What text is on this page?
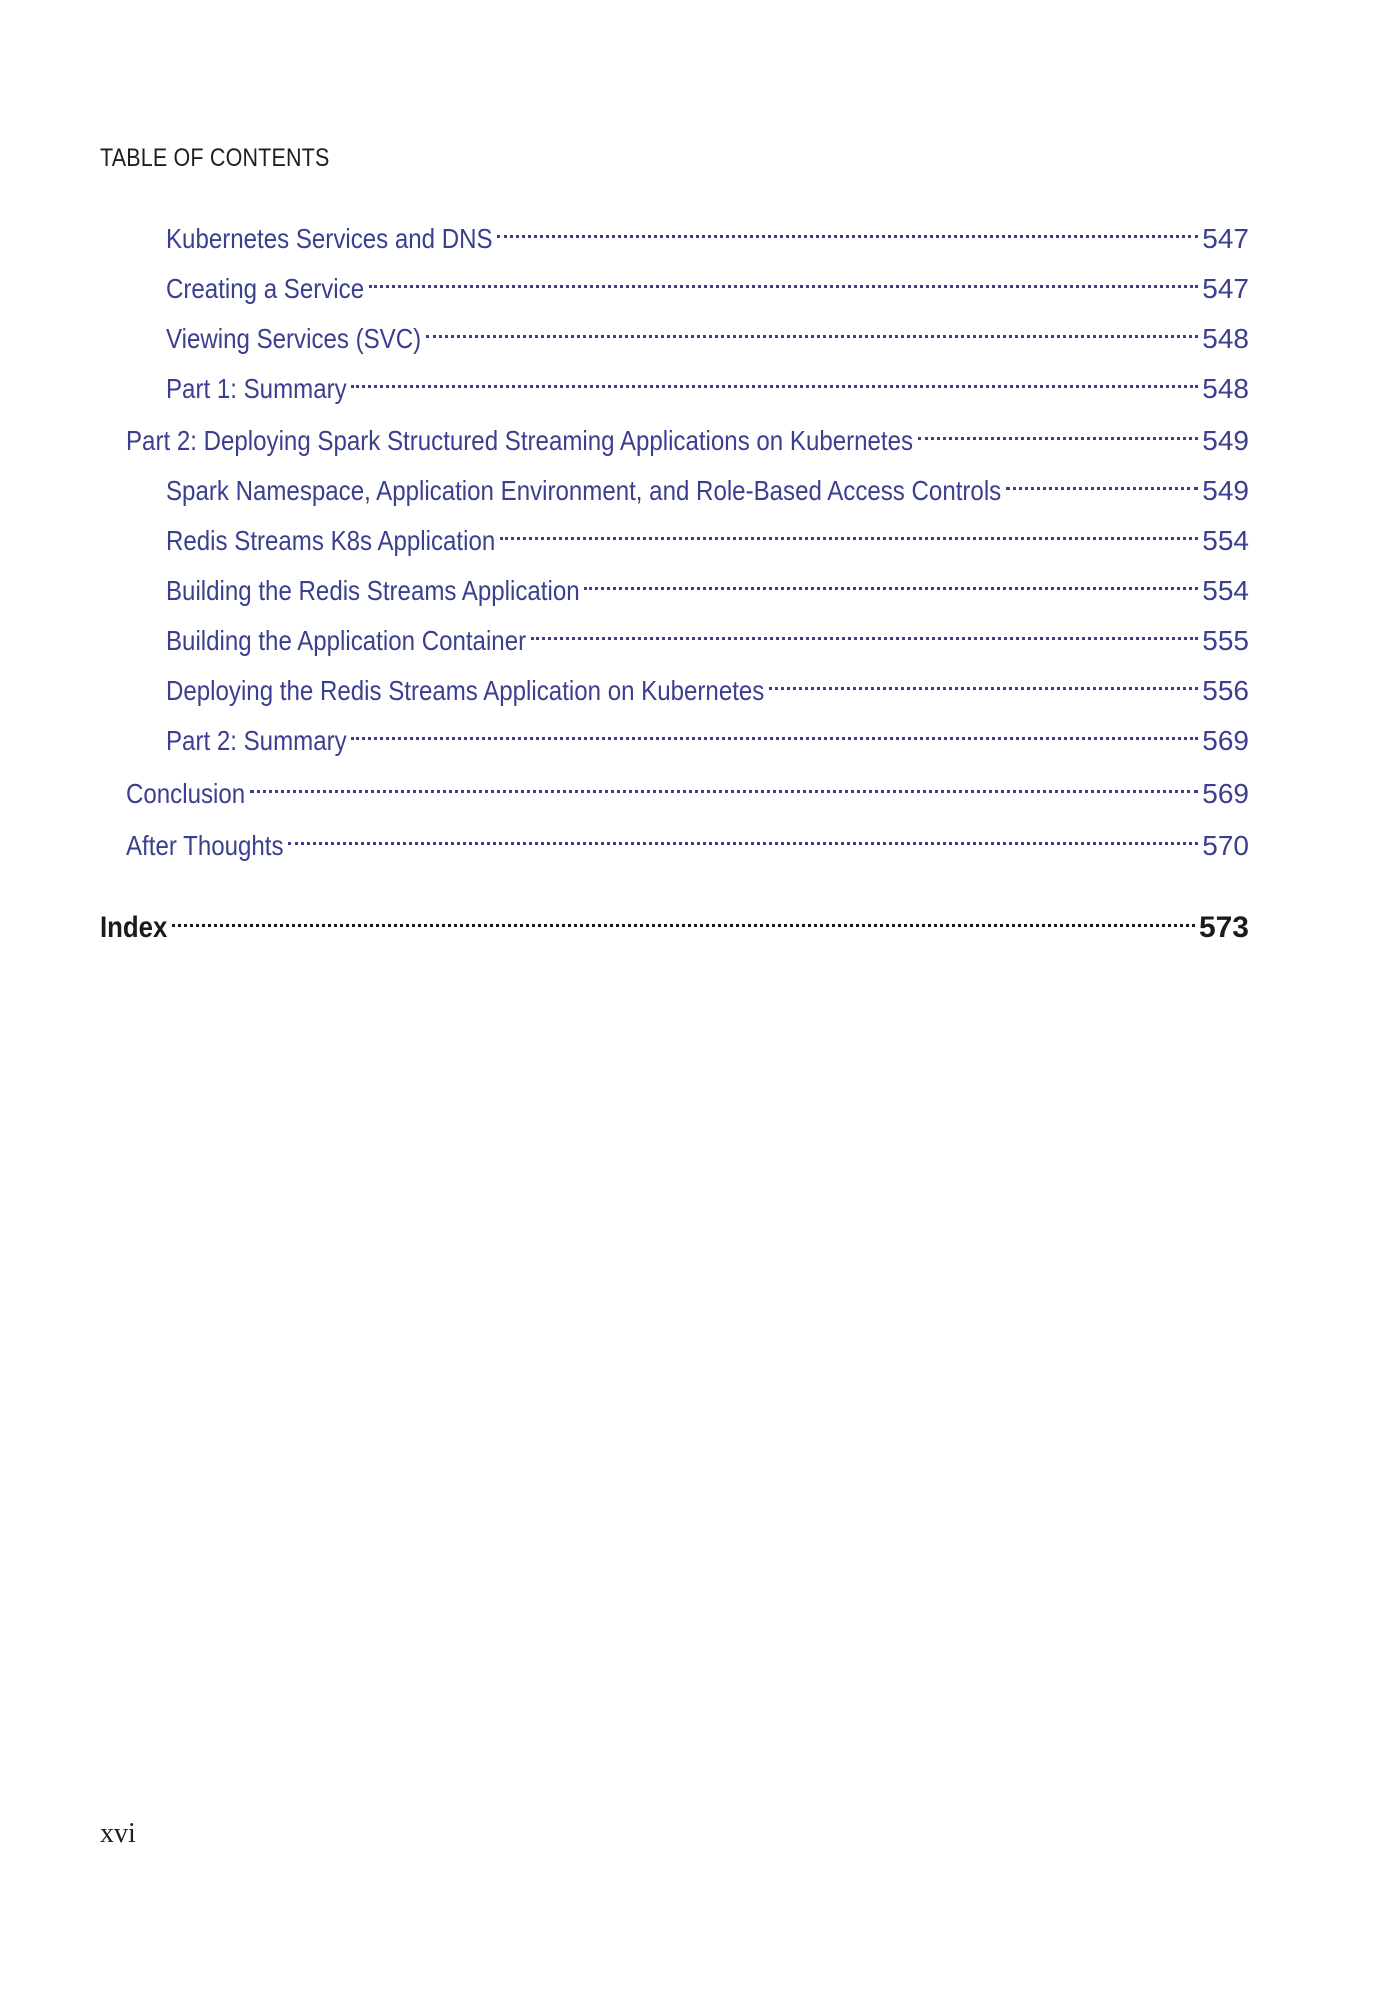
TABLE OF CONTENTS
Kubernetes Services and DNS	547
Creating a Service	547
Viewing Services (SVC)	548
Part 1: Summary	548
Part 2: Deploying Spark Structured Streaming Applications on Kubernetes	549
Spark Namespace, Application Environment, and Role-Based Access Controls	549
Redis Streams K8s Application	554
Building the Redis Streams Application	554
Building the Application Container	555
Deploying the Redis Streams Application on Kubernetes	556
Part 2: Summary	569
Conclusion	569
After Thoughts	570
Index	573
xvi
